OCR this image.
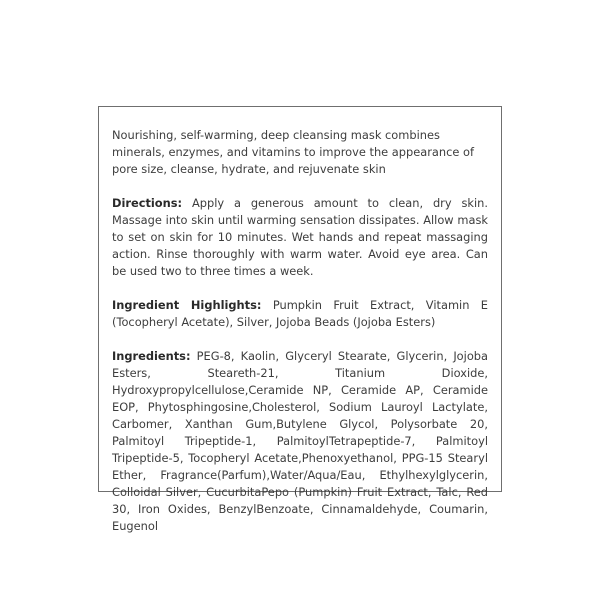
Nourishing, self-warming, deep cleansing mask combines minerals, enzymes, and vitamins to improve the appearance of pore size, cleanse, hydrate, and rejuvenate skin

Directions: Apply a generous amount to clean, dry skin. Massage into skin until warming sensation dissipates. Allow mask to set on skin for 10 minutes. Wet hands and repeat massaging action. Rinse thoroughly with warm water. Avoid eye area. Can be used two to three times a week.

Ingredient Highlights: Pumpkin Fruit Extract, Vitamin E (Tocopheryl Acetate), Silver, Jojoba Beads (Jojoba Esters)

Ingredients: PEG-8, Kaolin, Glyceryl Stearate, Glycerin, Jojoba Esters, Steareth-21, Titanium Dioxide, Hydroxypropylcellulose,Ceramide NP, Ceramide AP, Ceramide EOP, Phytosphingosine,Cholesterol, Sodium Lauroyl Lactylate, Carbomer, Xanthan Gum,Butylene Glycol, Polysorbate 20, Palmitoyl Tripeptide-1, PalmitoylTetrapeptide-7, Palmitoyl Tripeptide-5, Tocopheryl Acetate,Phenoxyethanol, PPG-15 Stearyl Ether, Fragrance(Parfum),Water/Aqua/Eau, Ethylhexylglycerin, Colloidal Silver, CucurbitaPepo (Pumpkin) Fruit Extract, Talc, Red 30, Iron Oxides, BenzylBenzoate, Cinnamaldehyde, Coumarin, Eugenol
